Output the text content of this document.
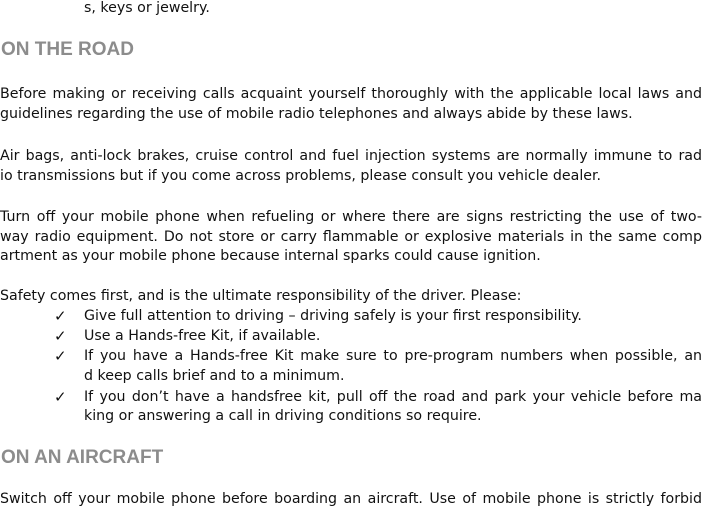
s, keys or jewelry.
ON THE ROAD
Before making or receiving calls acquaint yourself thoroughly with the applicable local laws and
guidelines regarding the use of mobile radio telephones and always abide by these laws.
Air bags, anti-lock brakes, cruise control and fuel injection systems are normally immune to rad
io transmissions but if you come across problems, please consult you vehicle dealer.
Turn off your mobile phone when refueling or where there are signs restricting the use of two-
way radio equipment. Do not store or carry flammable or explosive materials in the same comp
artment as your mobile phone because internal sparks could cause ignition.
Safety comes first, and is the ultimate responsibility of the driver. Please:
✓ Give full attention to driving – driving safely is your first responsibility.
✓ Use a Hands-free Kit, if available.
✓ If you have a Hands-free Kit make sure to pre-program numbers when possible, an
d keep calls brief and to a minimum.
✓ If you don’t have a handsfree kit, pull off the road and park your vehicle before ma
king or answering a call in driving conditions so require.
ON AN AIRCRAFT
Switch off your mobile phone before boarding an aircraft. Use of mobile phone is strictly forbid
